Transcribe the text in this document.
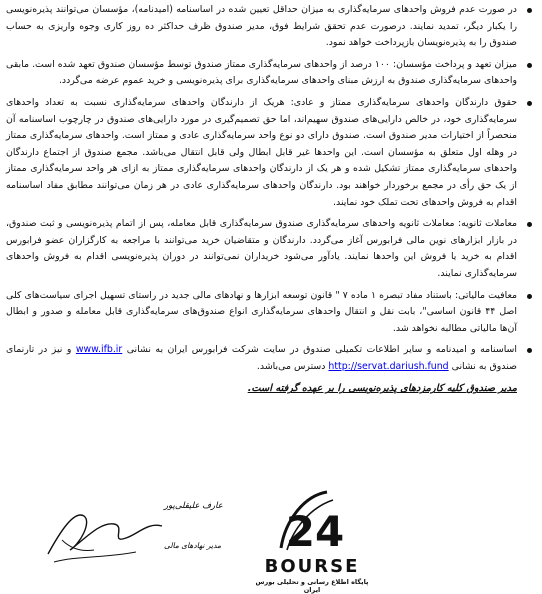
در صورت عدم فروش واحدهای سرمایه‌گذاری به میزان حداقل تعیین شده در اساسنامه (امیدنامه)، مؤسسان می‌توانند پذیره‌نویسی را یکبار دیگر، تمدید نمایند. درصورت عدم تحقق شرایط فوق، مدیر صندوق ظرف حداکثر ده روز کاری وجوه واریزی به حساب صندوق را به پذیره‌نویسان بازپرداخت خواهد نمود.
میزان تعهد و پرداخت مؤسسان: ۱۰۰ درصد از واحدهای سرمایه‌گذاری ممتاز صندوق توسط مؤسسان صندوق تعهد شده است. مابقی واحدهای سرمایه‌گذاری صندوق به ارزش مبنای واحدهای سرمایه‌گذاری برای پذیره‌نویسی و خرید عموم عرضه می‌گردد.
حقوق دارندگان واحدهای سرمایه‌گذاری ممتاز و عادی: هریک از دارندگان واحدهای سرمایه‌گذاری نسبت به تعداد واحدهای سرمایه‌گذاری خود، در خالص دارایی‌های صندوق سهیم‌اند، اما حق تصمیم‌گیری در مورد دارایی‌های صندوق در چارچوب اساسنامه آن منحصراً از اختیارات مدیر صندوق است. صندوق دارای دو نوع واحد سرمایه‌گذاری عادی و ممتاز است. واحدهای سرمایه‌گذاری ممتاز در وهله اول متعلق به مؤسسان است. این واحدها غیر قابل ابطال ولی قابل انتقال می‌باشد. مجمع صندوق از اجتماع دارندگان واحدهای سرمایه‌گذاری ممتاز تشکیل شده و هر یک از دارندگان واحدهای سرمایه‌گذاری ممتاز به ازای هر واحد سرمایه‌گذاری ممتاز از یک حق رأی در مجمع برخوردار خواهند بود. دارندگان واحدهای سرمایه‌گذاری عادی در هر زمان می‌توانند مطابق مفاد اساسنامه اقدام به فروش واحدهای تحت تملک خود نمایند.
معاملات ثانویه: معاملات ثانویه واحدهای سرمایه‌گذاری صندوق سرمایه‌گذاری قابل معامله، پس از اتمام پذیره‌نویسی و ثبت صندوق، در بازار ابزارهای نوین مالی فرابورس آغاز می‌گردد. دارندگان و متقاضیان خرید می‌توانند با مراجعه به کارگزاران عضو فرابورس اقدام به خرید یا فروش این واحدها نمایند. یادآور می‌شود خریداران نمی‌توانند در دوران پذیره‌نویسی اقدام به فروش واحدهای سرمایه‌گذاری نمایند.
معافیت مالیاتی: باستناد مفاد تبصره ۱ ماده ۷ " قانون توسعه ابزارها و نهادهای مالی جدید در راستای تسهیل اجرای سیاست‌های کلی اصل ۴۴ قانون اساسی"، بابت نقل و انتقال واحدهای سرمایه‌گذاری انواع صندوق‌های سرمایه‌گذاری قابل معامله و صدور و ابطال آن‌ها مالیاتی مطالبه نخواهد شد.
اساسنامه و امیدنامه و سایر اطلاعات تکمیلی صندوق در سایت شرکت فرابورس ایران به نشانی www.ifb.ir و نیز در تارنمای صندوق به نشانی http://servat.dariush.fund دسترس می‌باشد.
مدیر صندوق کلیه کارمزدهای پذیره‌نویسی را بر عهده گرفته است.
عارف علیقلی‌پور
مدیر نهادهای مالی 24
BOURSE
پایگاه اطلاع رسانی و تحلیلی بورس ایران
